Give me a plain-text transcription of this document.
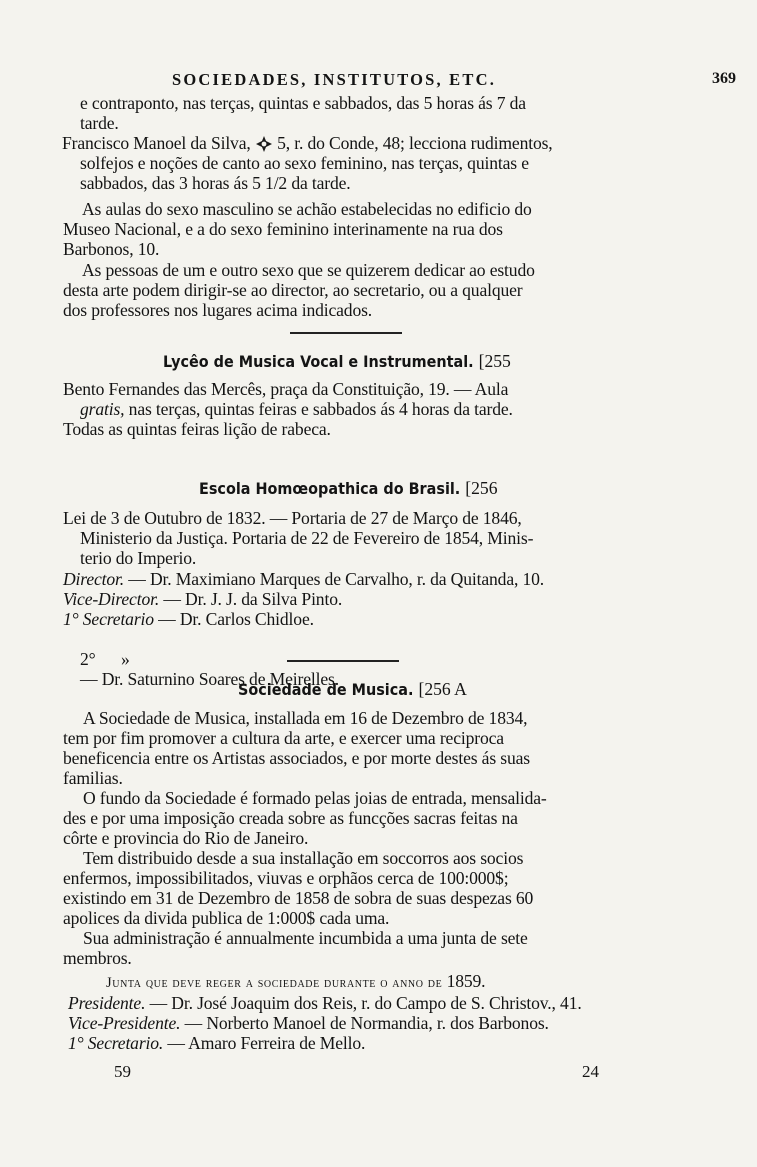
SOCIEDADES, INSTITUTOS, ETC.	369
e contraponto, nas terças, quintas e sabbados, das 5 horas ás 7 da
tarde.
Francisco Manoel da Silva, 5, r. do Conde, 48; lecciona rudimentos,
solfejos e noções de canto ao sexo feminino, nas terças, quintas e
sabbados, das 3 horas ás 5 1/2 da tarde.
As aulas do sexo masculino se achão estabelecidas no edificio do
Museo Nacional, e a do sexo feminino interinamente na rua dos
Barbonos, 10.
As pessoas de um e outro sexo que se quizerem dedicar ao estudo
desta arte podem dirigir-se ao director, ao secretario, ou a qualquer
dos professores nos lugares acima indicados.
Lycêo de Musica Vocal e Instrumental. [255
Bento Fernandes das Mercês, praça da Constituição, 19. — Aula
gratis, nas terças, quintas feiras e sabbados ás 4 horas da tarde.
Todas as quintas feiras lição de rabeca.
Escola Homœopathica do Brasil. [256
Lei de 3 de Outubro de 1832. — Portaria de 27 de Março de 1846,
Ministerio da Justiça. Portaria de 22 de Fevereiro de 1854, Minis-
terio do Imperio.
Director. — Dr. Maximiano Marques de Carvalho, r. da Quitanda, 10.
Vice-Director. — Dr. J. J. da Silva Pinto.
1° Secretario — Dr. Carlos Chidloe.

2°      »
— Dr. Saturnino Soares de Meirelles.

Sociedade de Musica. [256 A
A Sociedade de Musica, installada em 16 de Dezembro de 1834,
tem por fim promover a cultura da arte, e exercer uma reciproca
beneficencia entre os Artistas associados, e por morte destes ás suas
familias.
O fundo da Sociedade é formado pelas joias de entrada, mensalida-
des e por uma imposição creada sobre as funcções sacras feitas na
côrte e provincia do Rio de Janeiro.
Tem distribuido desde a sua installação em soccorros aos socios
enfermos, impossibilitados, viuvas e orphãos cerca de 100:000$;
existindo em 31 de Dezembro de 1858 de sobra de suas despezas 60
apolices da divida publica de 1:000$ cada uma.
Sua administração é annualmente incumbida a uma junta de sete
membros.
Junta que deve reger a sociedade durante o anno de 1859.
Presidente. — Dr. José Joaquim dos Reis, r. do Campo de S. Christov., 41.
Vice-Presidente. — Norberto Manoel de Normandia, r. dos Barbonos.
1° Secretario. — Amaro Ferreira de Mello.
59	24
